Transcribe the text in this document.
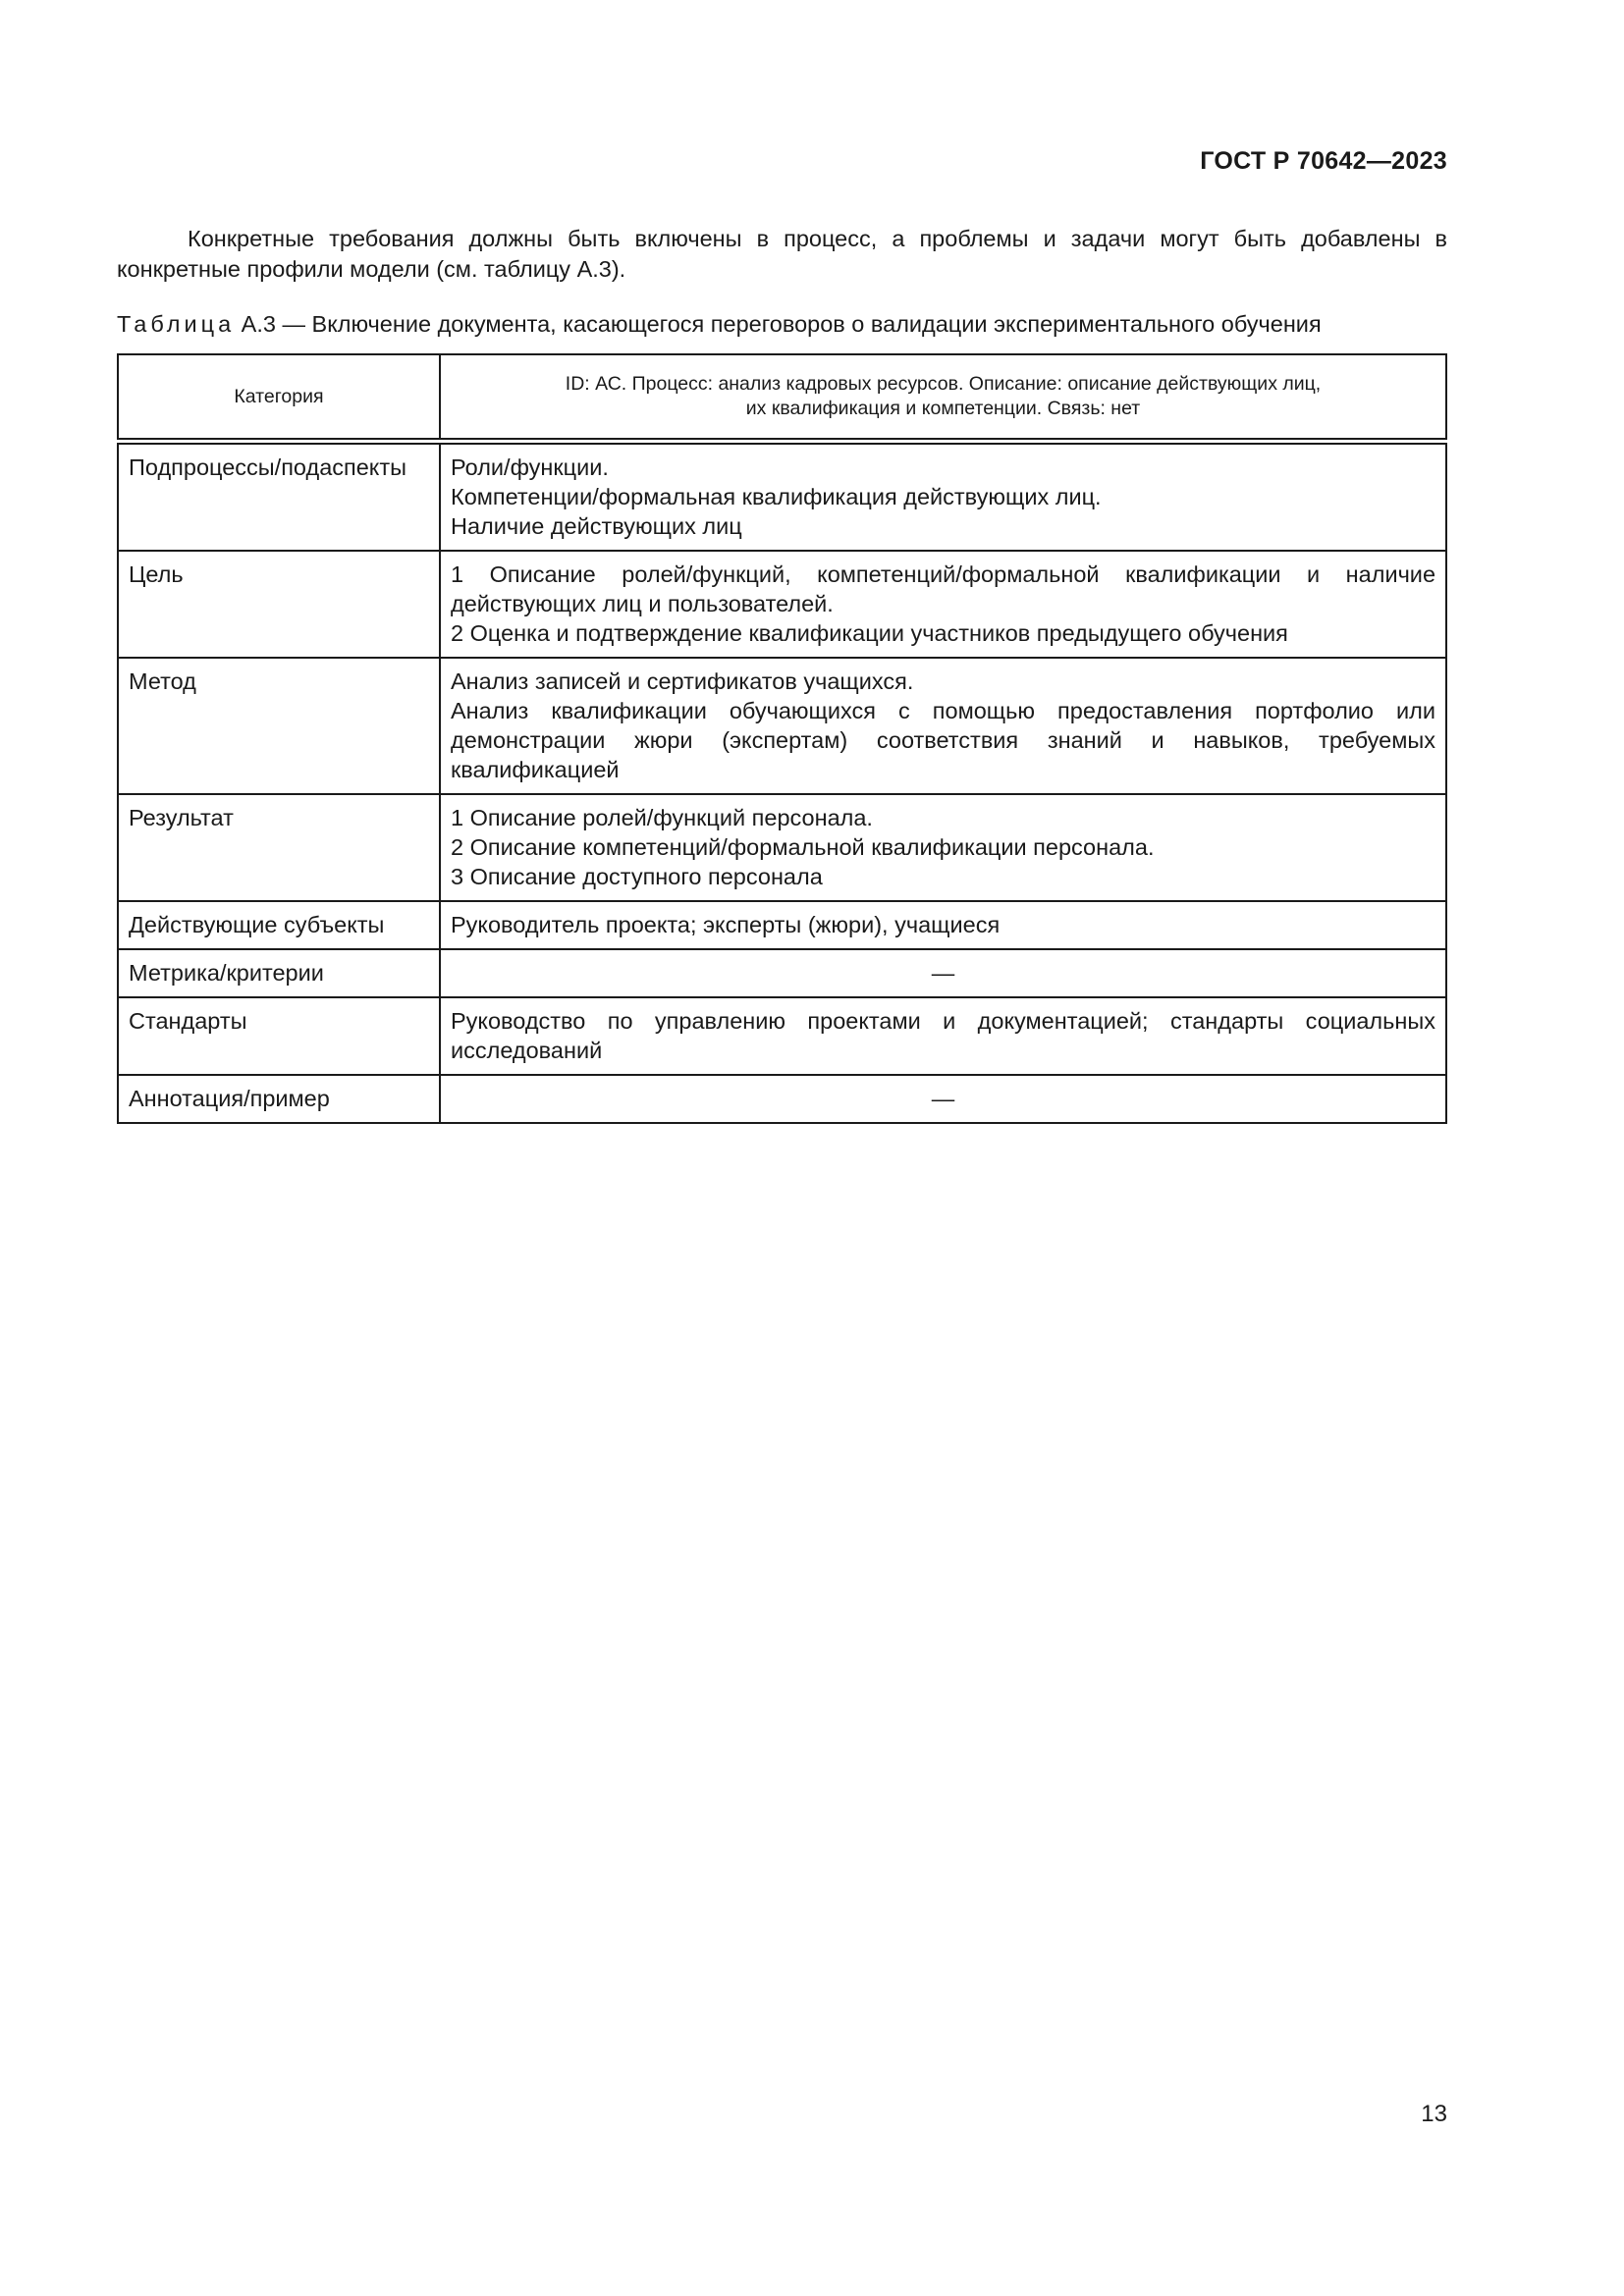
ГОСТ Р 70642—2023

Конкретные требования должны быть включены в процесс, а проблемы и задачи могут быть добавлены в конкретные профили модели (см. таблицу А.3).

Таблица А.3 — Включение документа, касающегося переговоров о валидации экспериментального обучения
Категория	ID: АС. Процесс: анализ кадровых ресурсов. Описание: описание действующих лиц,
их квалификация и компетенции. Связь: нет

Подпроцессы/подаспекты	Роли/функции.
Компетенции/формальная квалификация действующих лиц.
Наличие действующих лиц

Цель	1 Описание ролей/функций, компетенций/формальной квалификации и наличие действующих лиц и пользователей.
2 Оценка и подтверждение квалификации участников предыдущего обучения

Метод	Анализ записей и сертификатов учащихся.
Анализ квалификации обучающихся с помощью предоставления портфолио или демонстрации жюри (экспертам) соответствия знаний и навыков, требуемых квалификацией

Результат	1 Описание ролей/функций персонала.
2 Описание компетенций/формальной квалификации персонала.
3 Описание доступного персонала

Действующие субъекты	Руководитель проекта; эксперты (жюри), учащиеся

Метрика/критерии	—
Стандарты	Руководство по управлению проектами и документацией; стандарты социальных исследований

Аннотация/пример	—
13
